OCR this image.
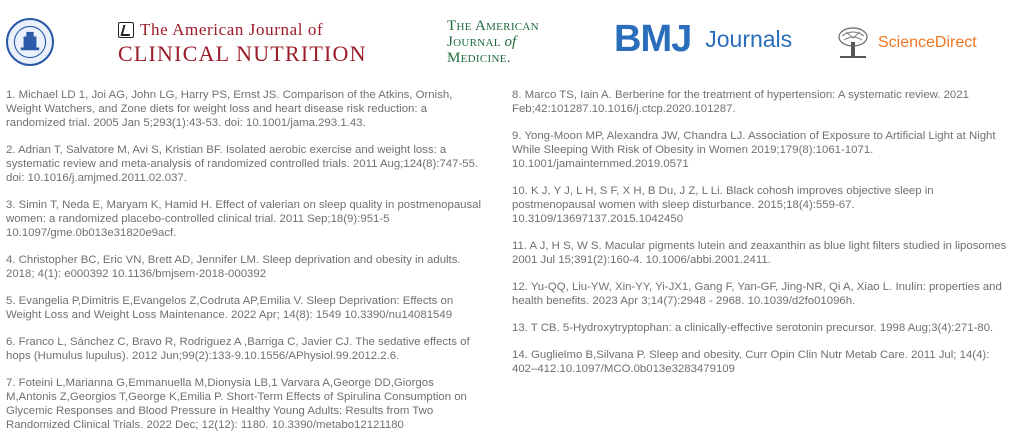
The American Journal of
CLINICAL NUTRITION
The American
Journal of
Medicine.	BMJ Journals	ScienceDirect

1. Michael LD 1, Joi AG, John LG, Harry PS, Ernst JS. Comparison of the Atkins, Ornish, Weight Watchers, and Zone diets for weight loss and heart disease risk reduction: a randomized trial. 2005 Jan 5;293(1):43-53. doi: 10.1001/jama.293.1.43.

2. Adrian T, Salvatore M, Avi S, Kristian BF. Isolated aerobic exercise and weight loss: a systematic review and meta-analysis of randomized controlled trials. 2011 Aug;124(8):747-55. doi: 10.1016/j.amjmed.2011.02.037.

3. Simin T, Neda E, Maryam K, Hamid H. Effect of valerian on sleep quality in postmenopausal women: a randomized placebo-controlled clinical trial. 2011 Sep;18(9):951-5 10.1097/gme.0b013e31820e9acf.

4. Christopher BC, Eric VN, Brett AD, Jennifer LM. Sleep deprivation and obesity in adults. 2018; 4(1): e000392 10.1136/bmjsem-2018-000392

5. Evangelia P,Dimitris E,Evangelos Z,Codruta AP,Emilia V. Sleep Deprivation: Effects on Weight Loss and Weight Loss Maintenance. 2022 Apr; 14(8): 1549 10.3390/nu14081549

6. Franco L, Sánchez C, Bravo R, Rodriguez A ,Barriga C, Javier CJ. The sedative effects of hops (Humulus lupulus). 2012 Jun;99(2):133-9.10.1556/APhysiol.99.2012.2.6.

7. Foteini L,Marianna G,Emmanuella M,Dionysia LB,1 Varvara A,George DD,Giorgos M,Antonis Z,Georgios T,George K,Emilia P. Short-Term Effects of Spirulina Consumption on Glycemic Responses and Blood Pressure in Healthy Young Adults: Results from Two Randomized Clinical Trials. 2022 Dec; 12(12): 1180. 10.3390/metabo12121180

8. Marco TS, Iain A. Berberine for the treatment of hypertension: A systematic review. 2021 Feb;42:101287.10.1016/j.ctcp.2020.101287.

9. Yong-Moon MP, Alexandra JW, Chandra LJ. Association of Exposure to Artificial Light at Night While Sleeping With Risk of Obesity in Women 2019;179(8):1061-1071. 10.1001/jamainternmed.2019.0571

10. K J, Y J, L H, S F, X H, B Du, J Z, L Li. Black cohosh improves objective sleep in postmenopausal women with sleep disturbance. 2015;18(4):559-67. 10.3109/13697137.2015.1042450

11. A J, H S, W S. Macular pigments lutein and zeaxanthin as blue light filters studied in liposomes 2001 Jul 15;391(2):160-4. 10.1006/abbi.2001.2411.

12. Yu-QQ, Liu-YW, Xin-YY, Yi-JX1, Gang F, Yan-GF, Jing-NR, Qi A, Xiao L. Inulin: properties and health benefits. 2023 Apr 3;14(7):2948 - 2968. 10.1039/d2fo01096h.

13. T CB. 5-Hydroxytryptophan: a clinically-effective serotonin precursor. 1998 Aug;3(4):271-80.

14. Guglielmo B,Silvana P. Sleep and obesity. Curr Opin Clin Nutr Metab Care. 2011 Jul; 14(4): 402–412.10.1097/MCO.0b013e3283479109
